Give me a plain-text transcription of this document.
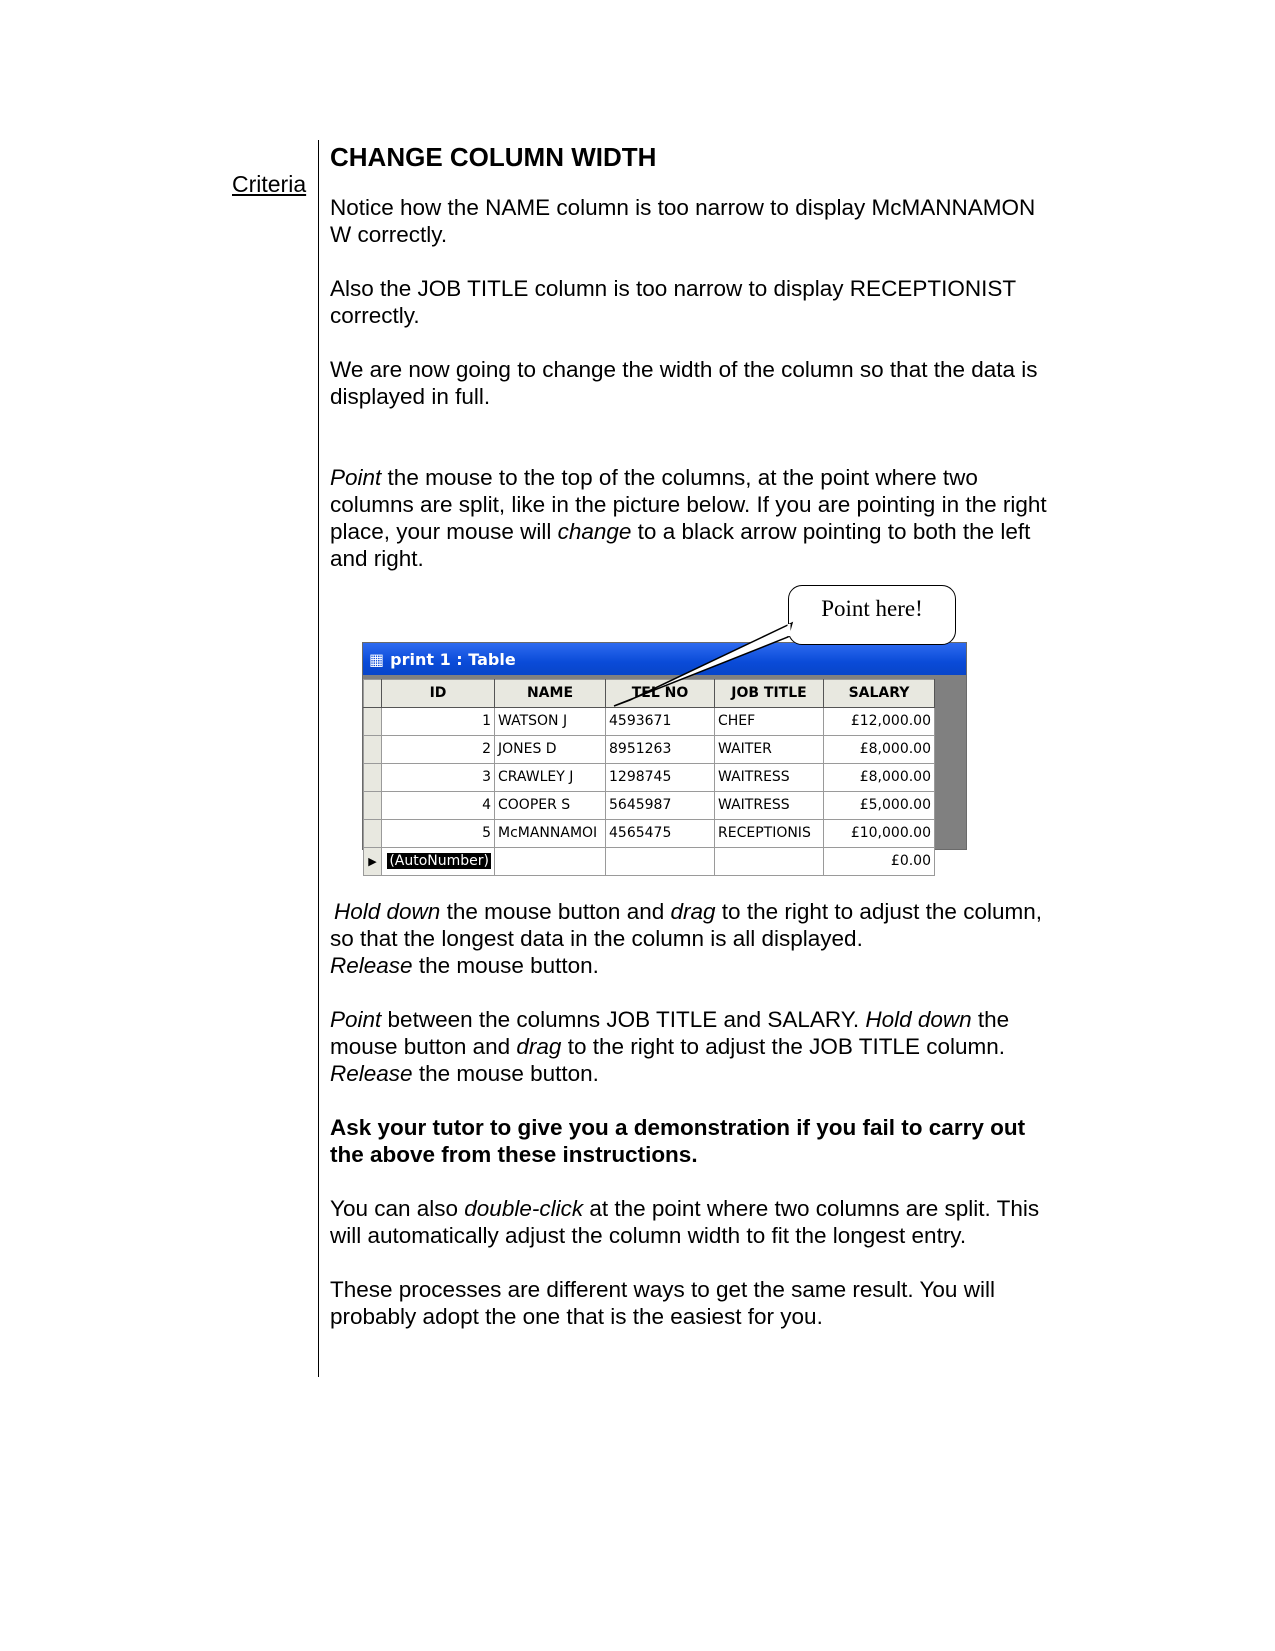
Criteria
CHANGE COLUMN WIDTH

Notice how the NAME column is too narrow to display McMANNAMON W correctly.

Also the JOB TITLE column is too narrow to display RECEPTIONIST correctly.

We are now going to change the width of the column so that the data is displayed in full.

Point the mouse to the top of the columns, at the point where two columns are split, like in the picture below. If you are pointing in the right place, your mouse will change to a black arrow pointing to both the left and right.

Point here!
▦ print 1 : Table
	ID	NAME	TEL NO	JOB TITLE	SALARY
	1	WATSON J	4593671	CHEF	£12,000.00
	2	JONES D	8951263	WAITER	£8,000.00
	3	CRAWLEY J	1298745	WAITRESS	£8,000.00
	4	COOPER S	5645987	WAITRESS	£5,000.00
	5	McMANNAMOI	4565475	RECEPTIONIS	£10,000.00
▶	(AutoNumber)				£0.00

Hold down the mouse button and drag to the right to adjust the column, so that the longest data in the column is all displayed.
Release the mouse button.

Point between the columns JOB TITLE and SALARY. Hold down the mouse button and drag to the right to adjust the JOB TITLE column. Release the mouse button.

Ask your tutor to give you a demonstration if you fail to carry out the above from these instructions.

You can also double-click at the point where two columns are split. This will automatically adjust the column width to fit the longest entry.

These processes are different ways to get the same result. You will probably adopt the one that is the easiest for you.
